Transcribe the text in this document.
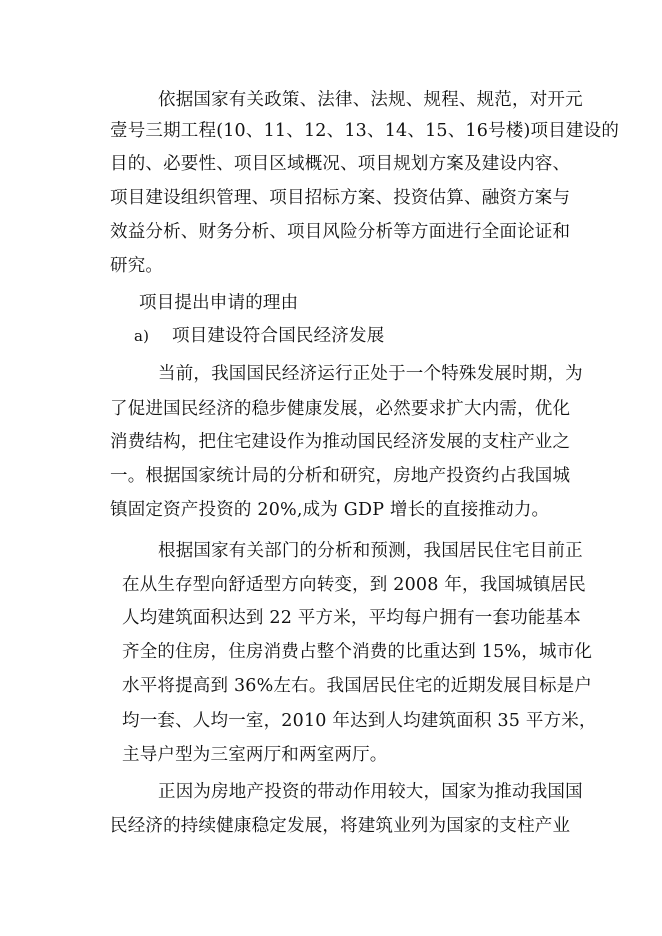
依据国家有关政策、法律、法规、规程、规范，对开元
壹号三期工程(10、11、12、13、14、15、16号楼)项目建设的
目的、必要性、项目区域概况、项目规划方案及建设内容、
项目建设组织管理、项目招标方案、投资估算、融资方案与
效益分析、财务分析、项目风险分析等方面进行全面论证和
研究。
项目提出申请的理由
a) 项目建设符合国民经济发展
当前，我国国民经济运行正处于一个特殊发展时期，为
了促进国民经济的稳步健康发展，必然要求扩大内需，优化
消费结构，把住宅建设作为推动国民经济发展的支柱产业之
一。根据国家统计局的分析和研究，房地产投资约占我国城
镇固定资产投资的 20%,成为 GDP 增长的直接推动力。
根据国家有关部门的分析和预测，我国居民住宅目前正
在从生存型向舒适型方向转变，到 2008 年，我国城镇居民
人均建筑面积达到 22 平方米，平均每户拥有一套功能基本
齐全的住房，住房消费占整个消费的比重达到 15%，城市化
水平将提高到 36%左右。我国居民住宅的近期发展目标是户
均一套、人均一室，2010 年达到人均建筑面积 35 平方米，
主导户型为三室两厅和两室两厅。
正因为房地产投资的带动作用较大，国家为推动我国国
民经济的持续健康稳定发展，将建筑业列为国家的支柱产业
